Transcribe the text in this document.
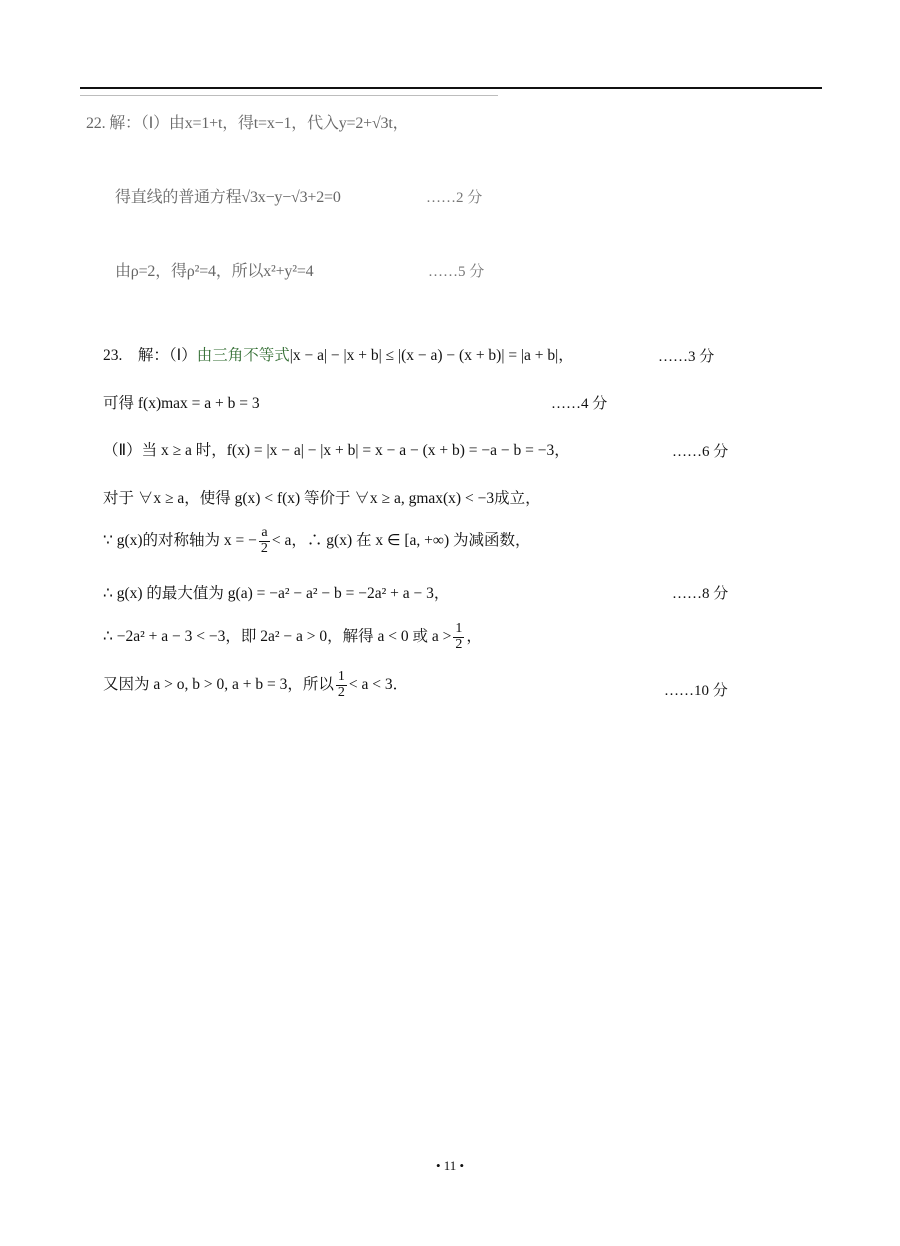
22. 解：（Ⅰ）由x=1+t，得t=x−1，代入y=2+√3t，
得直线的普通方程√3x−y−√3+2=0	……2 分
由ρ=2，得ρ²=4，所以x²+y²=4	……5 分
23.　解：（Ⅰ）由三角不等式|x − a| − |x + b| ≤ |(x − a) − (x + b)| = |a + b|，	……3 分
可得 f(x)max = a + b = 3	……4 分
（Ⅱ）当 x ≥ a 时，f(x) = |x − a| − |x + b| = x − a − (x + b) = −a − b = −3，	……6 分
对于 ∀x ≥ a，使得 g(x) < f(x) 等价于 ∀x ≥ a, gmax(x) < −3成立，
∵ g(x)的对称轴为 x = − $\frac{a}{2} < a$，∴ g(x) 在 x ∈ [a, +∞) 为减函数，
∴ g(x) 的最大值为 g(a) = −a² − a² − b = −2a² + a − 3，	……8 分
∴ −2a² + a − 3 < −3，即 2a² − a > 0，解得 a < 0 或 $a > \frac{1}{2}$ ，
又因为 a > o, b > 0, a + b = 3，所以 $\frac{1}{2} < a < 3$．	……10 分
• 11 •
